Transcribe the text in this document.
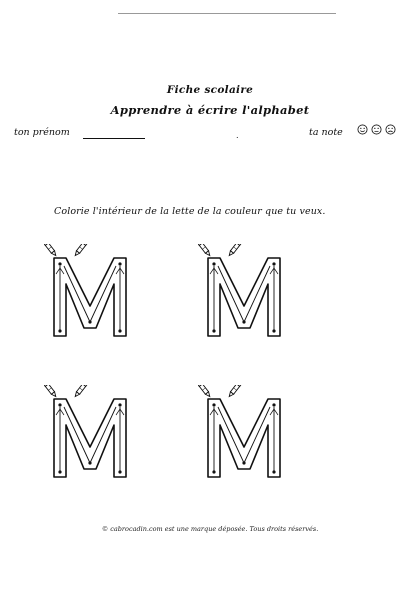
Fiche scolaire
Apprendre à écrire l'alphabet
ton prénom	.	ta note
Colorie l'intérieur de la lette de la couleur que tu veux.
© cabrocadin.com est une marque déposée. Tous droits réservés.
